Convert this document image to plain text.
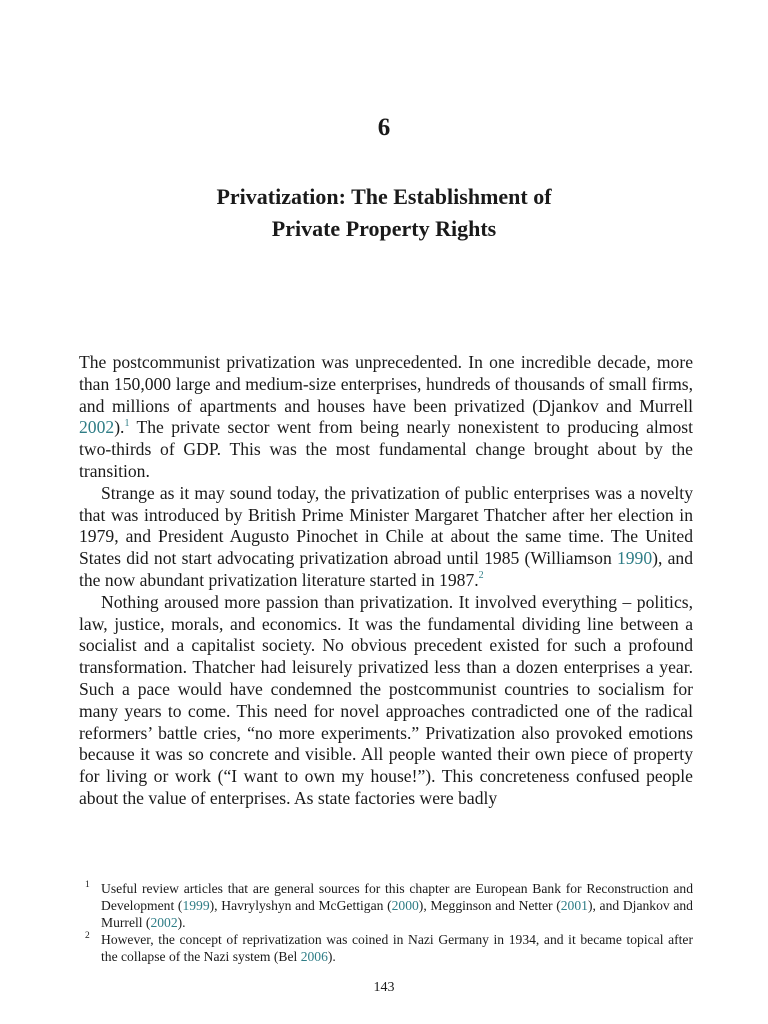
6
Privatization: The Establishment of
Private Property Rights

The postcommunist privatization was unprecedented. In one incredible decade, more than 150,000 large and medium-size enterprises, hundreds of thousands of small firms, and millions of apartments and houses have been privatized (Djankov and Murrell 2002).$^1$ The private sector went from being nearly nonexistent to producing almost two-thirds of GDP. This was the most fundamental change brought about by the transition.

Strange as it may sound today, the privatization of public enterprises was a novelty that was introduced by British Prime Minister Margaret Thatcher after her election in 1979, and President Augusto Pinochet in Chile at about the same time. The United States did not start advocating privatization abroad until 1985 (Williamson 1990), and the now abundant privatization literature started in 1987.$^2$

Nothing aroused more passion than privatization. It involved everything – politics, law, justice, morals, and economics. It was the fundamental dividing line between a socialist and a capitalist society. No obvious precedent existed for such a profound transformation. Thatcher had leisurely privatized less than a dozen enterprises a year. Such a pace would have condemned the postcommunist countries to socialism for many years to come. This need for novel approaches contradicted one of the radical reformers’ battle cries, “no more experiments.” Privatization also provoked emotions because it was so concrete and visible. All people wanted their own piece of property for living or work (“I want to own my house!”). This concreteness confused people about the value of enterprises. As state factories were badly

1 Useful review articles that are general sources for this chapter are European Bank for Reconstruction and Development (1999), Havrylyshyn and McGettigan (2000), Megginson and Netter (2001), and Djankov and Murrell (2002).

2 However, the concept of reprivatization was coined in Nazi Germany in 1934, and it became topical after the collapse of the Nazi system (Bel 2006).

143
